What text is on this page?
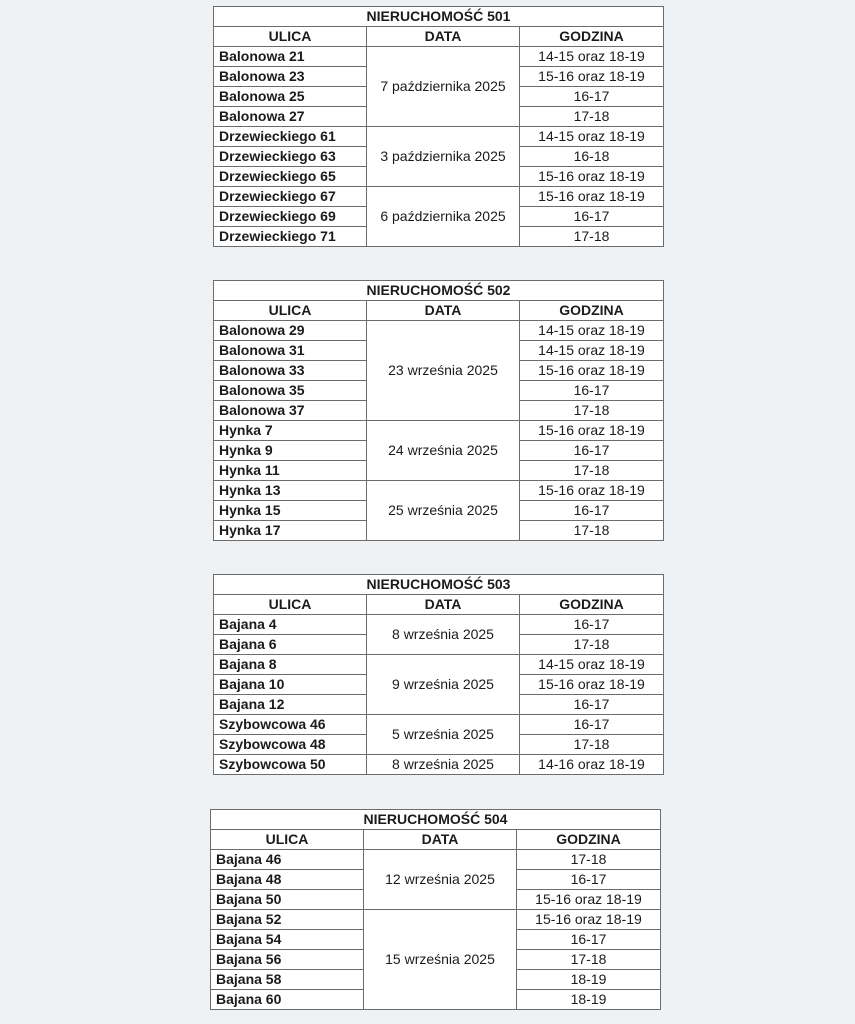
NIERUCHOMOŚĆ 501		
ULICA	DATA	GODZINA
Balonowa 21	7 października 2025	14-15 oraz 18-19
Balonowa 23		15-16 oraz 18-19
Balonowa 25		16-17
Balonowa 27		17-18
Drzewieckiego 61	3 października 2025	14-15 oraz 18-19
Drzewieckiego 63		16-18
Drzewieckiego 65		15-16 oraz 18-19
Drzewieckiego 67	6 października 2025	15-16 oraz 18-19
Drzewieckiego 69		16-17
Drzewieckiego 71		17-18
NIERUCHOMOŚĆ 502		
ULICA	DATA	GODZINA
Balonowa 29	23 września 2025	14-15 oraz 18-19
Balonowa 31		14-15 oraz 18-19
Balonowa 33		15-16 oraz 18-19
Balonowa 35		16-17
Balonowa 37		17-18
Hynka 7	24 września 2025	15-16 oraz 18-19
Hynka 9		16-17
Hynka 11		17-18
Hynka 13	25 września 2025	15-16 oraz 18-19
Hynka 15		16-17
Hynka 17		17-18
NIERUCHOMOŚĆ 503		
ULICA	DATA	GODZINA
Bajana 4	8 września 2025	16-17
Bajana 6		17-18
Bajana 8	9 września 2025	14-15 oraz 18-19
Bajana 10		15-16 oraz 18-19
Bajana 12		16-17
Szybowcowa 46	5 września 2025	16-17
Szybowcowa 48		17-18
Szybowcowa 50	8 września 2025	14-16 oraz 18-19
NIERUCHOMOŚĆ 504		
ULICA	DATA	GODZINA
Bajana 46	12 września 2025	17-18
Bajana 48		16-17
Bajana 50		15-16 oraz 18-19
Bajana 52	15 września 2025	15-16 oraz 18-19
Bajana 54		16-17
Bajana 56		17-18
Bajana 58		18-19
Bajana 60		18-19
